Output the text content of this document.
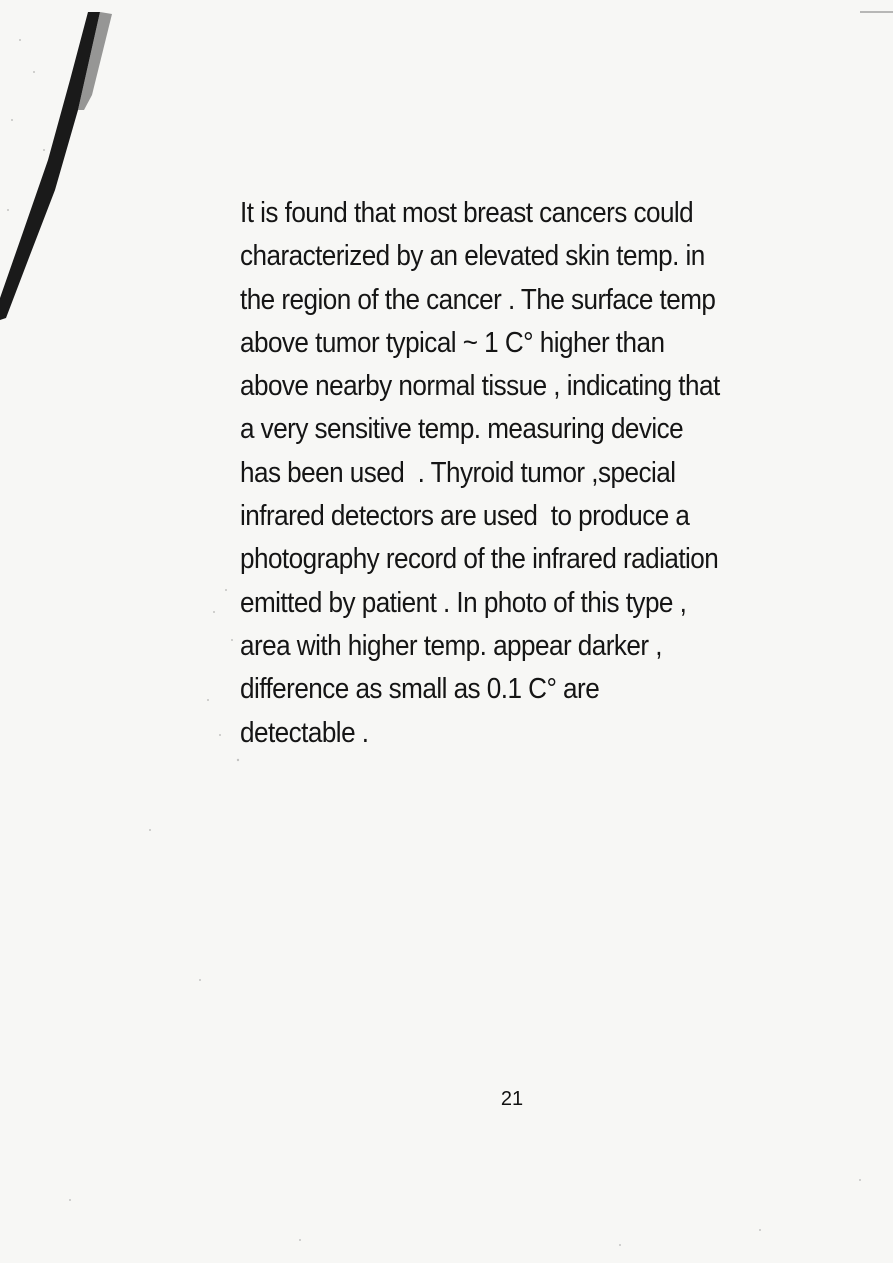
It is found that most breast cancers could
characterized by an elevated skin temp. in
the region of the cancer . The surface temp
above tumor typical ~ 1 C° higher than
above nearby normal tissue , indicating that
a very sensitive temp. measuring device
has been used  . Thyroid tumor ,special
infrared detectors are used  to produce a
photography record of the infrared radiation
emitted by patient . In photo of this type ,
area with higher temp. appear darker ,
difference as small as 0.1 C° are
detectable .
21
